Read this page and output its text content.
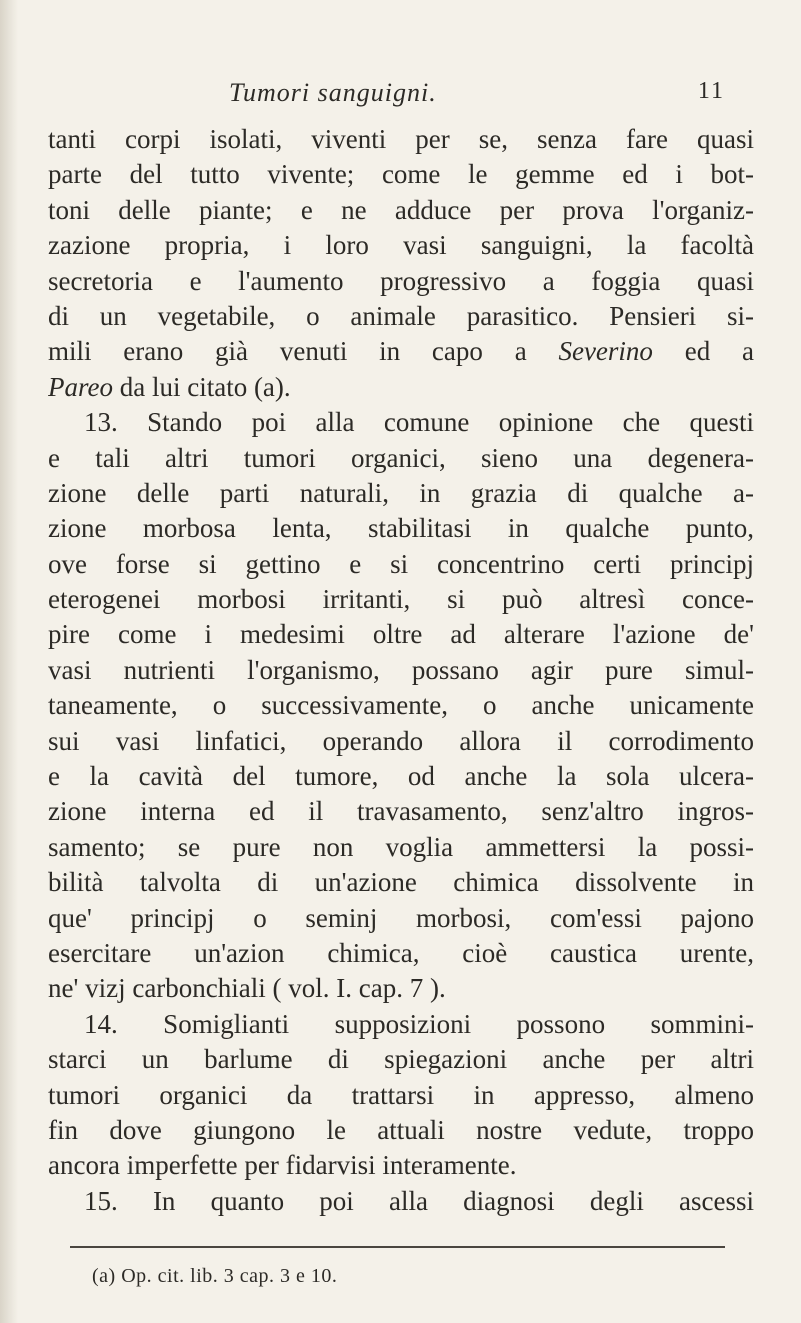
Tumori sanguigni.	11
tanti corpi isolati, viventi per se, senza fare quasi
parte del tutto vivente; come le gemme ed i bot-
toni delle piante; e ne adduce per prova l'organiz-
zazione propria, i loro vasi sanguigni, la facoltà
secretoria e l'aumento progressivo a foggia quasi
di un vegetabile, o animale parasitico. Pensieri si-
mili erano già venuti in capo a Severino ed a
Pareo da lui citato (a).
13. Stando poi alla comune opinione che questi
e tali altri tumori organici, sieno una degenera-
zione delle parti naturali, in grazia di qualche a-
zione morbosa lenta, stabilitasi in qualche punto,
ove forse si gettino e si concentrino certi principj
eterogenei morbosi irritanti, si può altresì conce-
pire come i medesimi oltre ad alterare l'azione de'
vasi nutrienti l'organismo, possano agir pure simul-
taneamente, o successivamente, o anche unicamente
sui vasi linfatici, operando allora il corrodimento
e la cavità del tumore, od anche la sola ulcera-
zione interna ed il travasamento, senz'altro ingros-
samento; se pure non voglia ammettersi la possi-
bilità talvolta di un'azione chimica dissolvente in
que' principj o seminj morbosi, com'essi pajono
esercitare un'azion chimica, cioè caustica urente,
ne' vizj carbonchiali ( vol. I. cap. 7 ).
14. Somiglianti supposizioni possono sommini-
starci un barlume di spiegazioni anche per altri
tumori organici da trattarsi in appresso, almeno
fin dove giungono le attuali nostre vedute, troppo
ancora imperfette per fidarvisi interamente.
15. In quanto poi alla diagnosi degli ascessi
(a) Op. cit. lib. 3 cap. 3 e 10.
